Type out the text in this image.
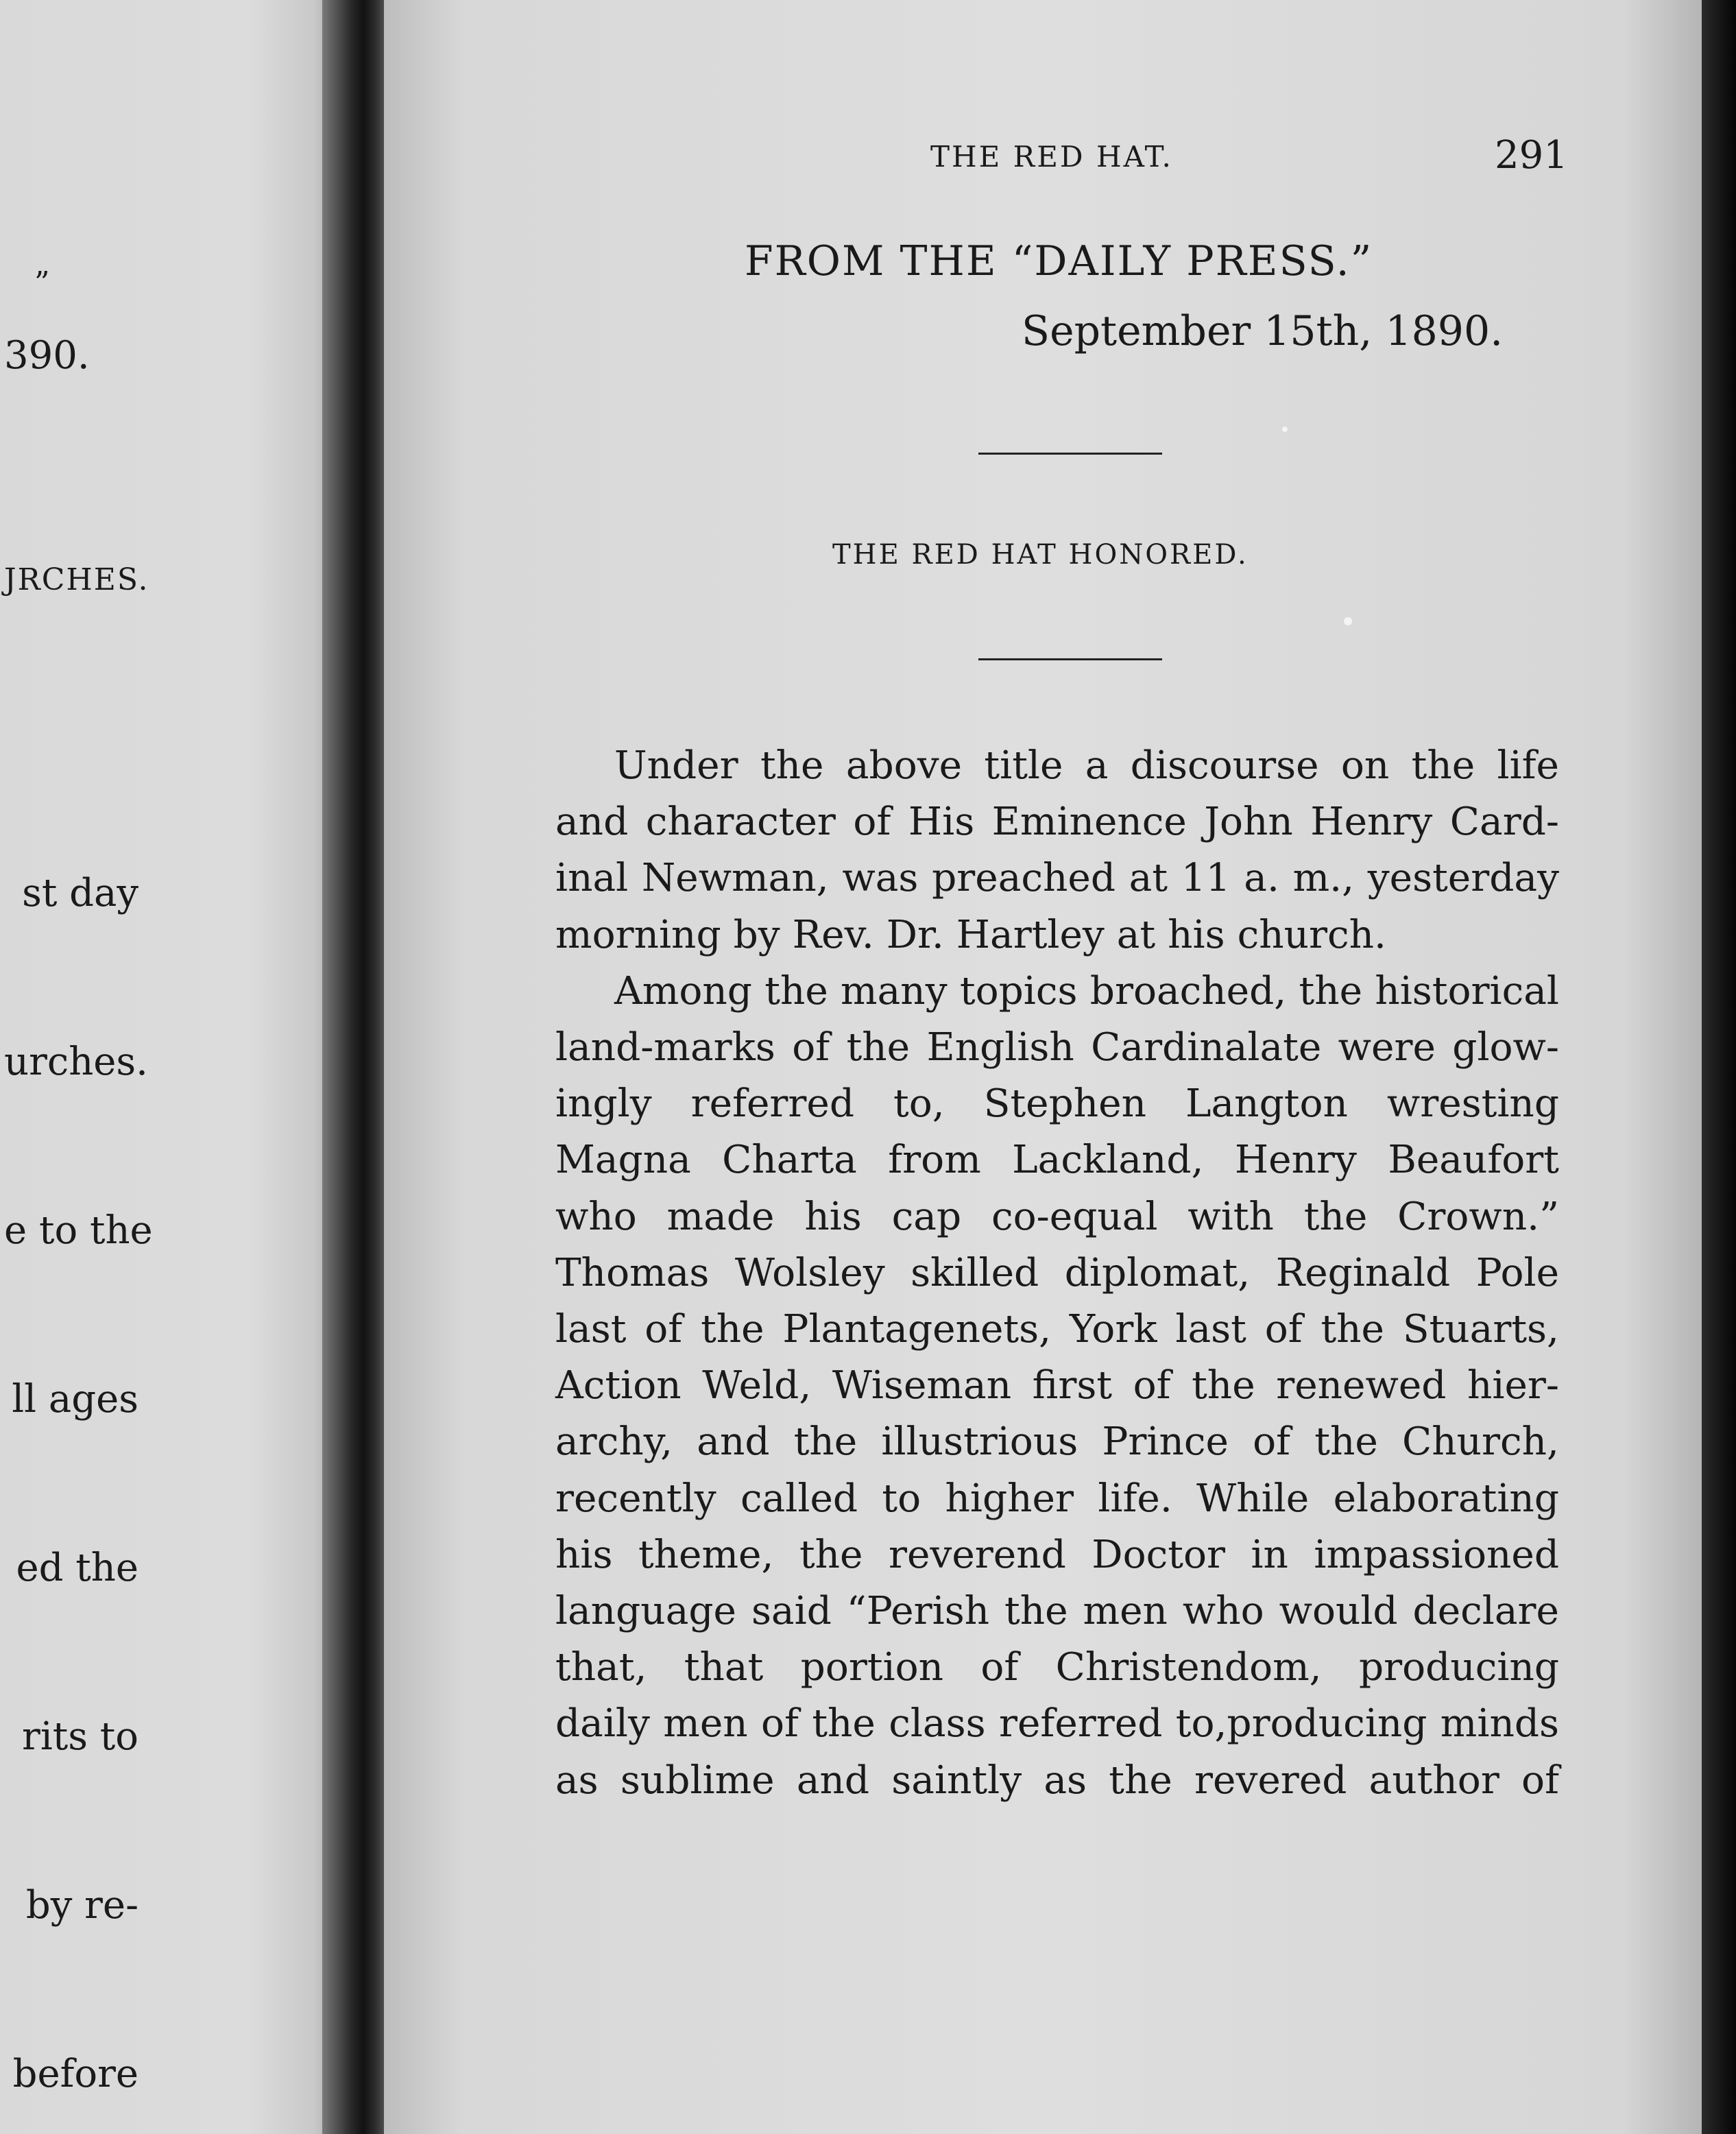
”
390.
JRCHES.

st day

urches.

e to the

ll ages

ed the

rits to

by re-

before

THE RED HAT.	291
FROM THE “DAILY PRESS.”
September 15th, 1890.
THE RED HAT HONORED.
Under the above title a discourse on the life
and character of His Eminence John Henry Card-
inal Newman, was preached at 11 a. m., yesterday
morning by Rev. Dr. Hartley at his church.
Among the many topics broached, the historical
land-marks of the English Cardinalate were glow-
ingly referred to, Stephen Langton wresting
Magna Charta from Lackland, Henry Beaufort
who made his cap co-equal with the Crown.”
Thomas Wolsley skilled diplomat, Reginald Pole
last of the Plantagenets, York last of the Stuarts,
Action Weld, Wiseman first of the renewed hier-
archy, and the illustrious Prince of the Church,
recently called to higher life. While elaborating
his theme, the reverend Doctor in impassioned
language said “Perish the men who would declare
that, that portion of Christendom, producing
daily men of the class referred to,producing minds
as sublime and saintly as the revered author of
